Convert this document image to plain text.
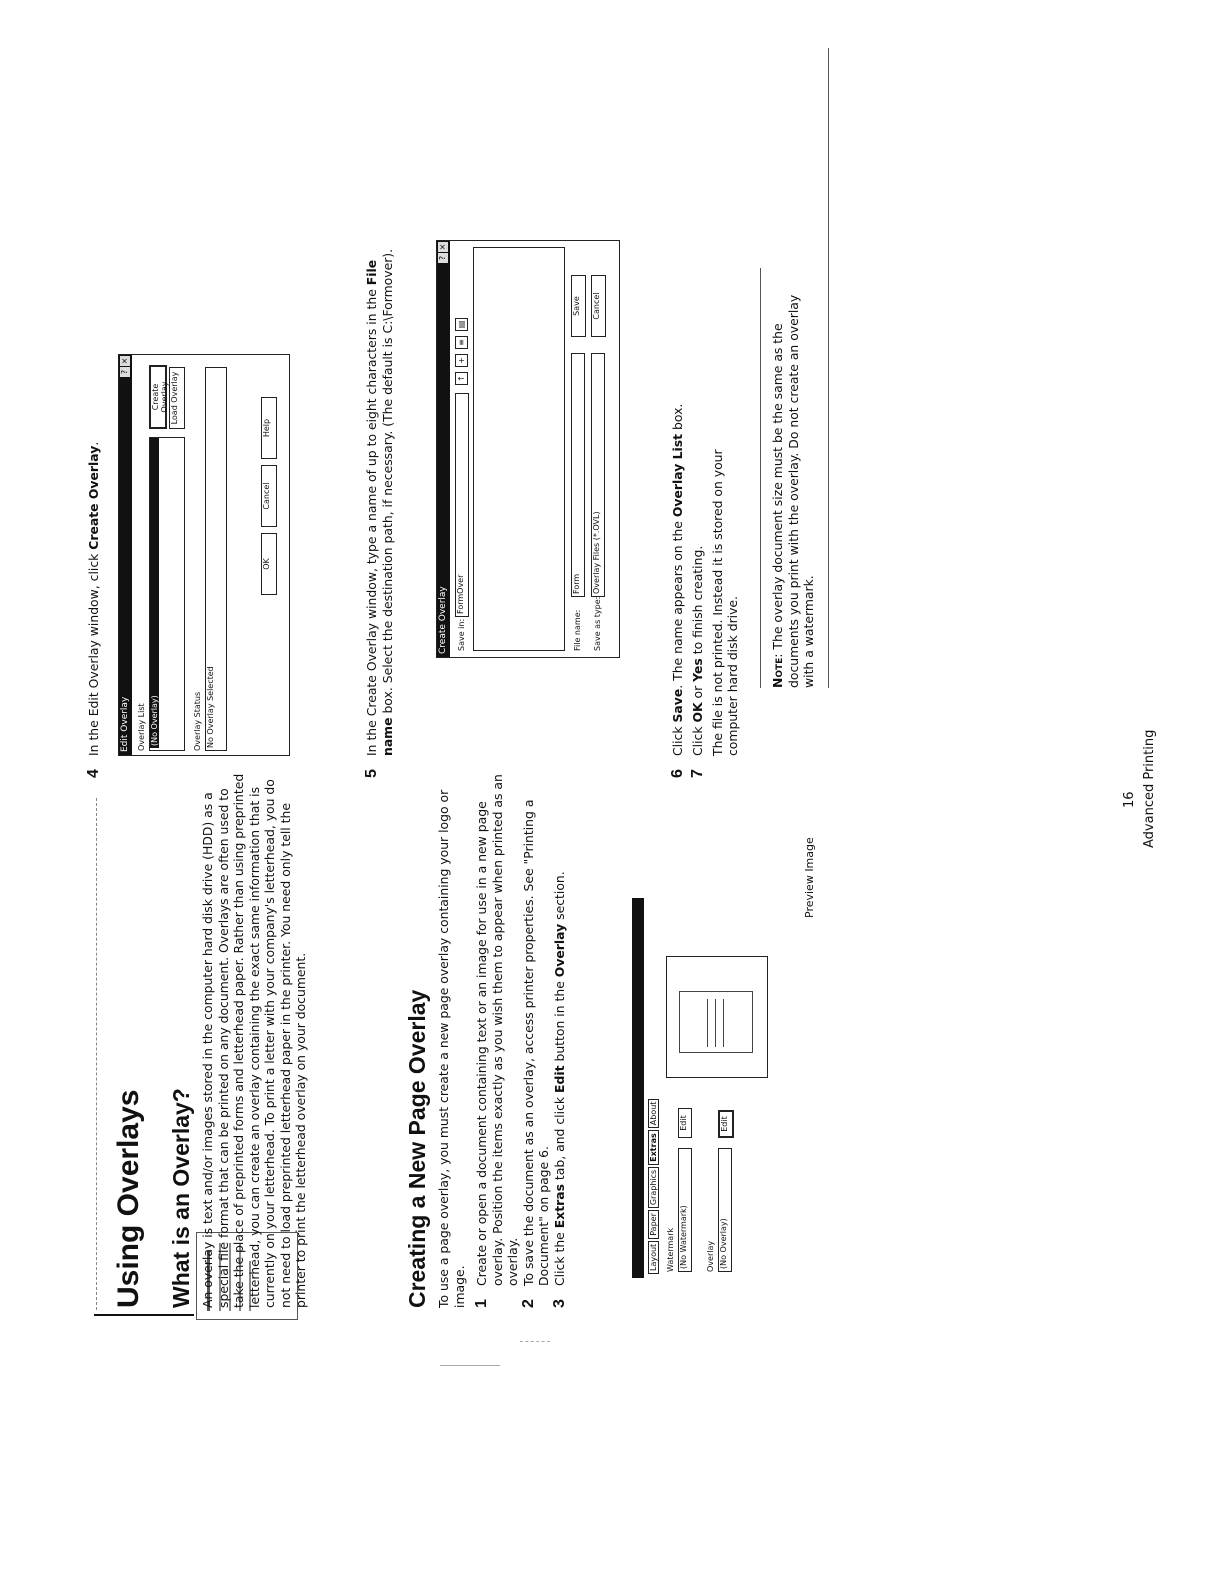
Using Overlays What is an Overlay? An overlay is text and/or images stored in the computer hard disk drive (HDD) as a special file format that can be printed on any document. Overlays are often used to take the place of preprinted forms and letterhead paper. Rather than using preprinted letterhead, you can create an overlay containing the exact same information that is currently on your letterhead. To print a letter with your company's letterhead, you do not need to load preprinted letterhead paper in the printer. You need only tell the printer to print the letterhead overlay on your document.	Creating a New Page Overlay To use a page overlay, you must create a new page overlay containing your logo or image. 1
Create or open a document containing text or an image for use in a new page overlay. Position the items exactly as you wish them to appear when printed as an overlay.
2
To save the document as an overlay, access printer properties. See "Printing a Document" on page 6.
3
Click the Extras tab, and click Edit button in the Overlay section.
Layout
Paper
Graphics
Extras
About
Watermark (No Watermark)
Edit
Overlay (No Overlay)
Edit
Preview Image
4
In the Edit Overlay window, click Create Overlay.
Edit Overlay
?
×
Overlay List (No Overlay)
Create Overlay Load Overlay
Overlay Status No Overlay Selected
OK
Cancel
Help
5
In the Create Overlay window, type a name of up to eight characters in the File name box. Select the destination path, if necessary. (The default is C:\Formover).	Create Overlay
?
×
Save in:
FormOver
↑
+
≡
▤
File name:
Form
Save
Save as type:
Overlay Files (*.OVL)
Cancel
6
Click Save. The name appears on the Overlay List box.
7
Click OK or Yes to finish creating. The file is not printed. Instead it is stored on your computer hard disk drive. Note: The overlay document size must be the same as the documents you print with the overlay. Do not create an overlay with a watermark.
16 Advanced Printing
